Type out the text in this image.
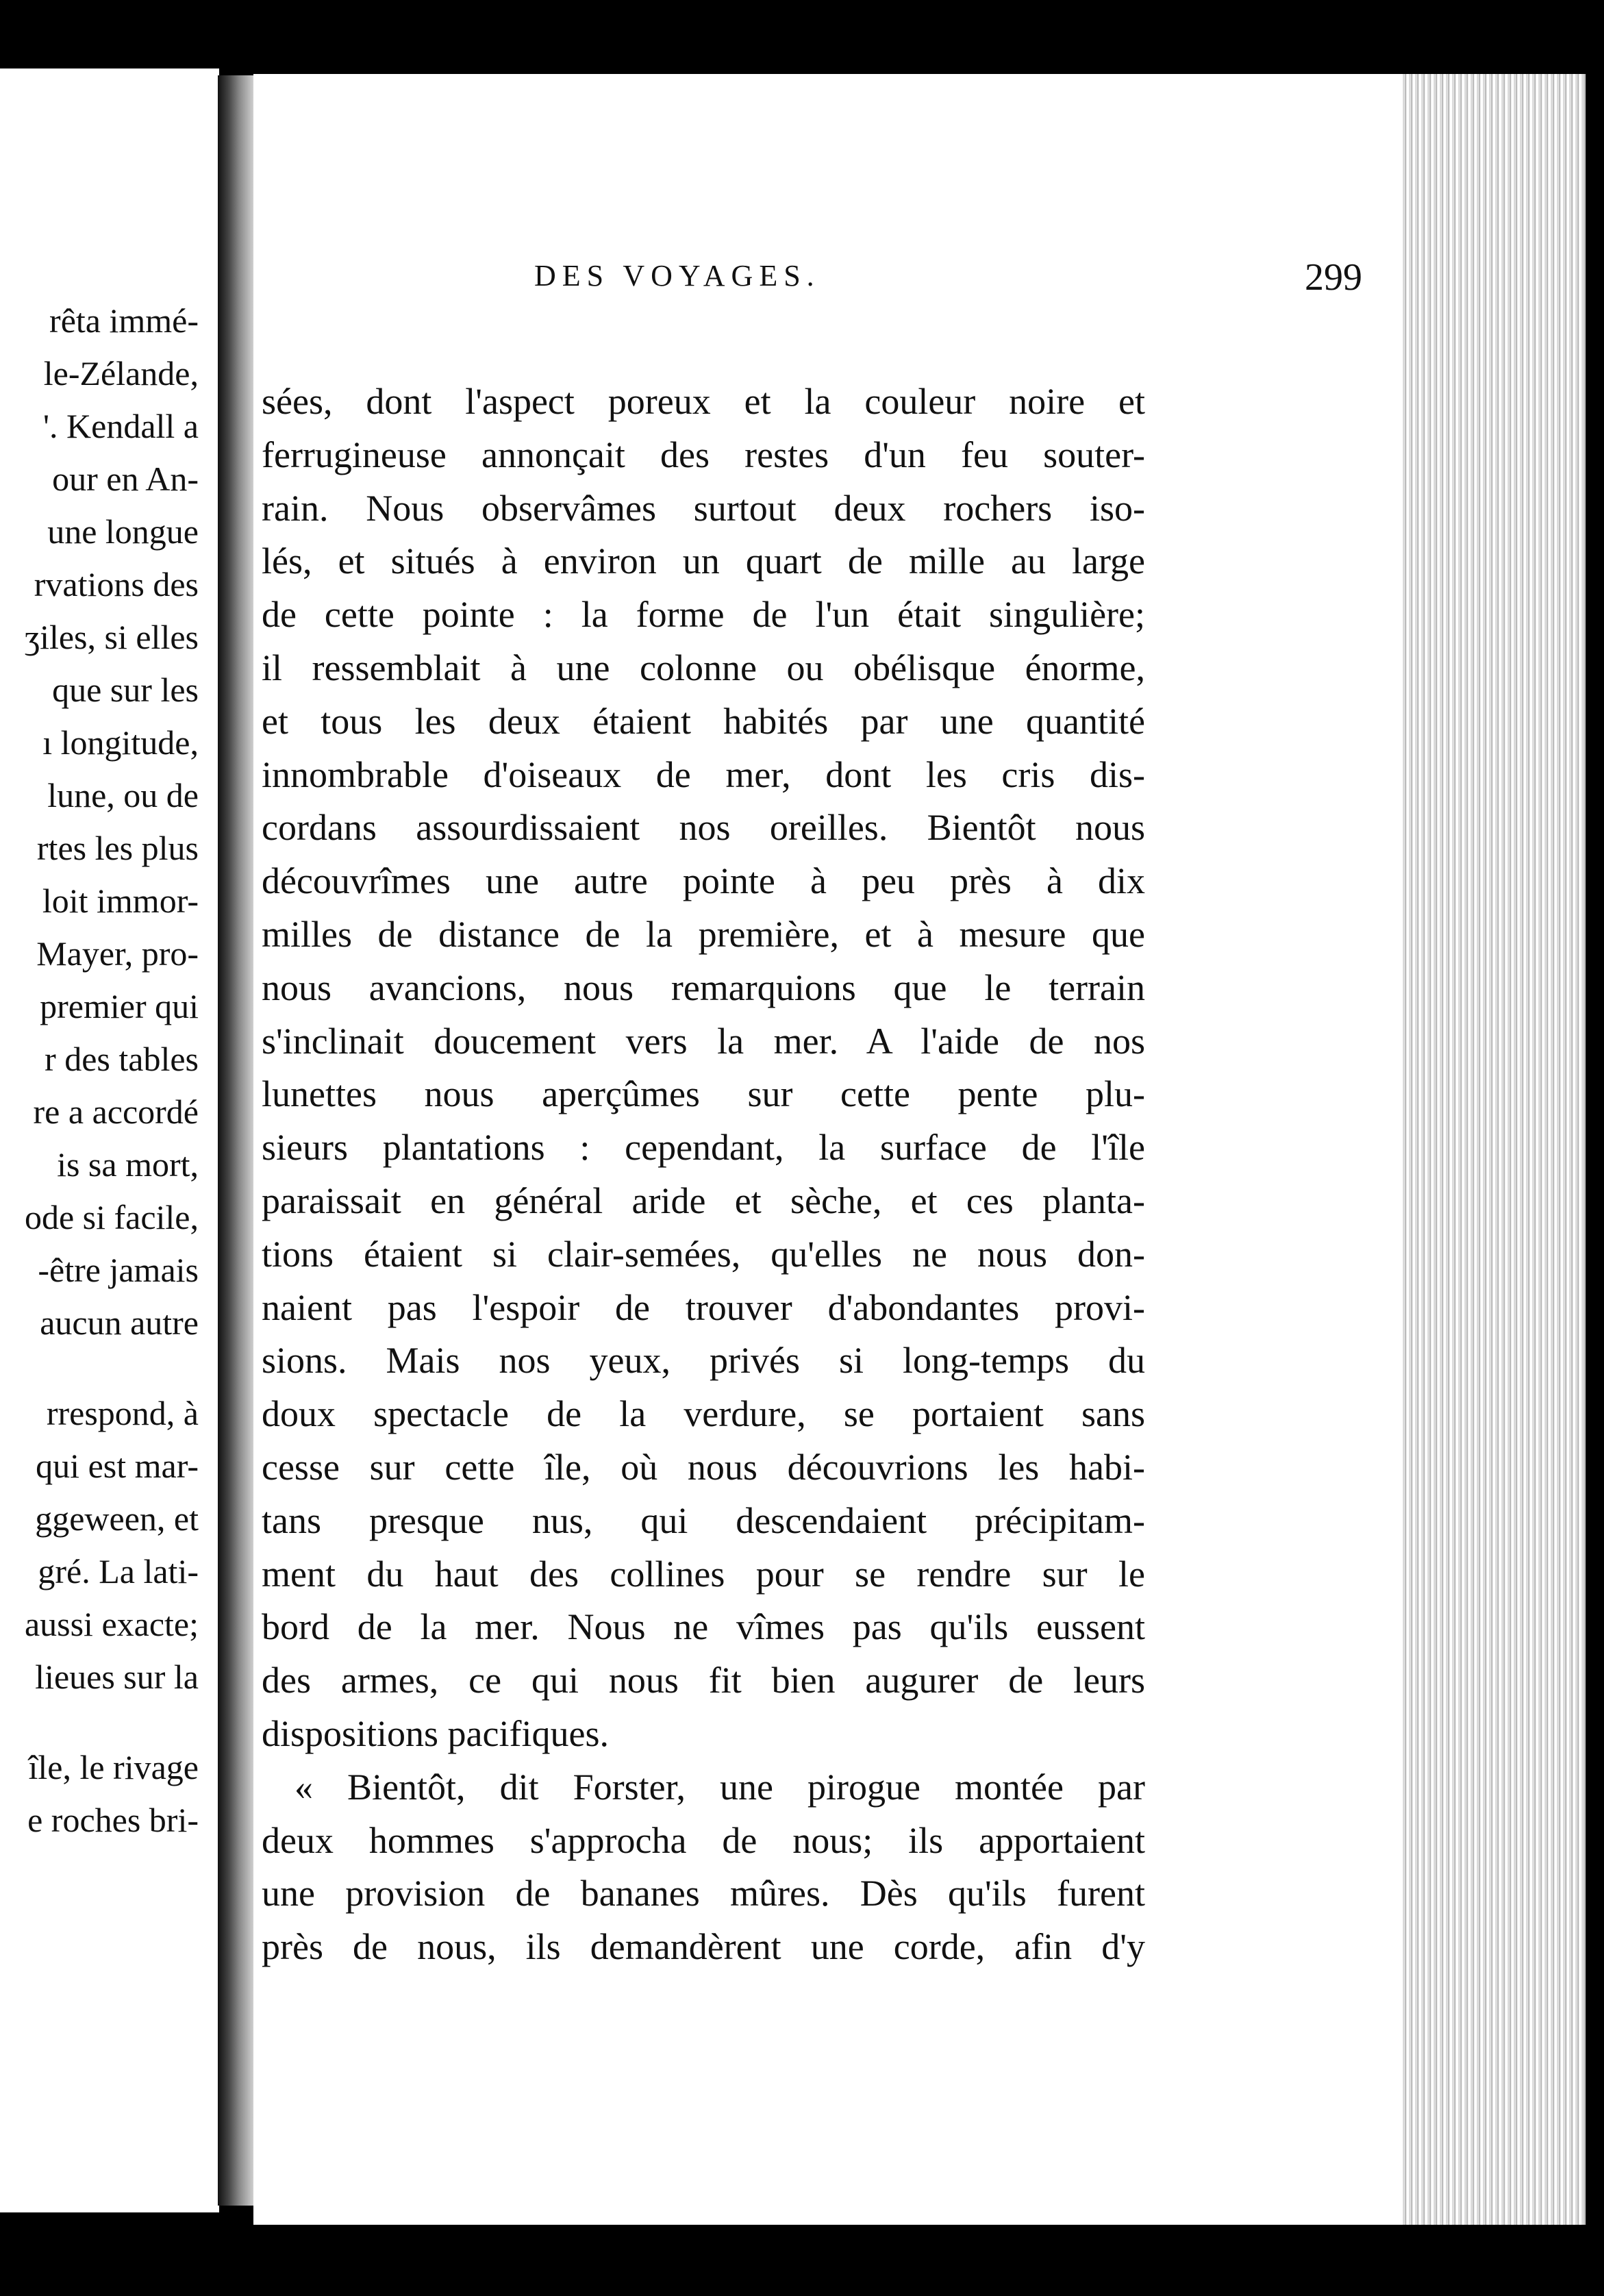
rêta immé-
le-Zélande,
'. Kendall a
our en An-
une longue
rvations des
ʒiles, si elles
que sur les
ı longitude,
lune, ou de
rtes les plus
loit immor-
Mayer, pro-
premier qui
r des tables
re a accordé
is sa mort,
ode si facile,
-être jamais
aucun autre
rrespond, à
qui est mar-
ggeween, et
gré. La lati-
aussi exacte;
lieues sur la
île, le rivage
e roches bri-
DES VOYAGES.	299
sées, dont l'aspect poreux et la couleur noire et
ferrugineuse annonçait des restes d'un feu souter-
rain. Nous observâmes surtout deux rochers iso-
lés, et situés à environ un quart de mille au large
de cette pointe : la forme de l'un était singulière;
il ressemblait à une colonne ou obélisque énorme,
et tous les deux étaient habités par une quantité
innombrable d'oiseaux de mer, dont les cris dis-
cordans assourdissaient nos oreilles. Bientôt nous
découvrîmes une autre pointe à peu près à dix
milles de distance de la première, et à mesure que
nous avancions, nous remarquions que le terrain
s'inclinait doucement vers la mer. A l'aide de nos
lunettes nous aperçûmes sur cette pente plu-
sieurs plantations : cependant, la surface de l'île
paraissait en général aride et sèche, et ces planta-
tions étaient si clair-semées, qu'elles ne nous don-
naient pas l'espoir de trouver d'abondantes provi-
sions. Mais nos yeux, privés si long-temps du
doux spectacle de la verdure, se portaient sans
cesse sur cette île, où nous découvrions les habi-
tans presque nus, qui descendaient précipitam-
ment du haut des collines pour se rendre sur le
bord de la mer. Nous ne vîmes pas qu'ils eussent
des armes, ce qui nous fit bien augurer de leurs
dispositions pacifiques.
« Bientôt, dit Forster, une pirogue montée par
deux hommes s'approcha de nous; ils apportaient
une provision de bananes mûres. Dès qu'ils furent
près de nous, ils demandèrent une corde, afin d'y
